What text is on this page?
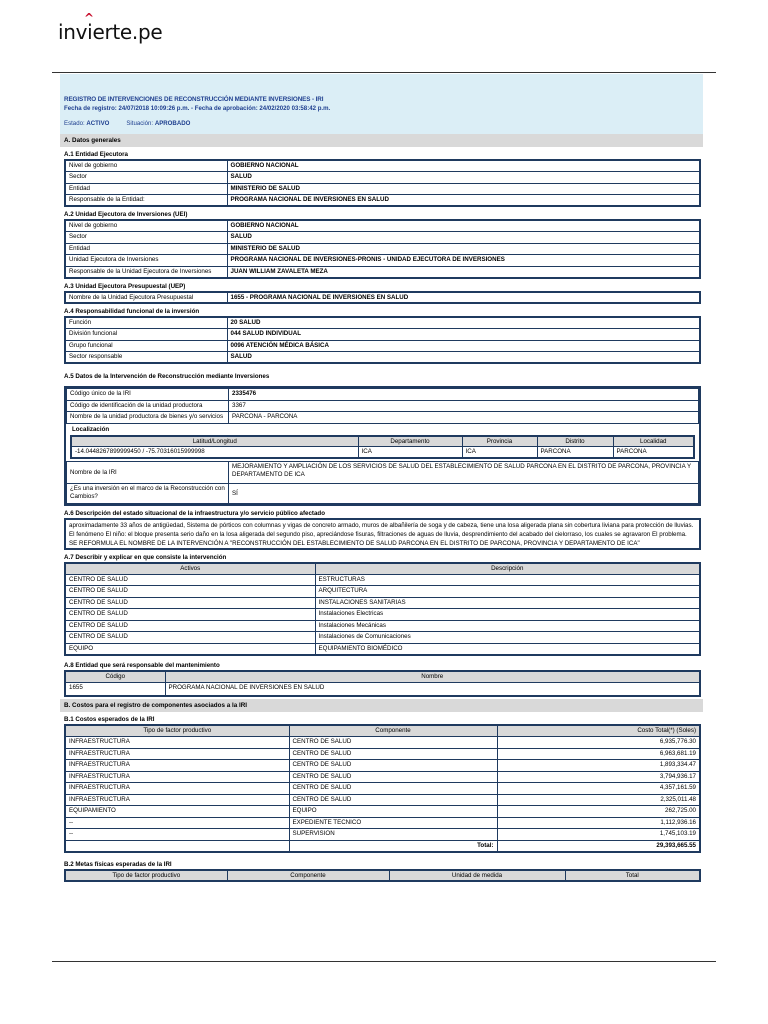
invierte.pe
^
REGISTRO DE INTERVENCIONES DE RECONSTRUCCIÓN MEDIANTE INVERSIONES - IRI
Fecha de registro: 24/07/2018 10:09:26 p.m. - Fecha de aprobación: 24/02/2020 03:58:42 p.m.
Estado: ACTIVO	Situación: APROBADO
A. Datos generales
A.1 Entidad Ejecutora
Nivel de gobierno	GOBIERNO NACIONAL
Sector	SALUD
Entidad	MINISTERIO DE SALUD
Responsable de la Entidad:	PROGRAMA NACIONAL DE INVERSIONES EN SALUD
A.2 Unidad Ejecutora de Inversiones (UEI)
Nivel de gobierno	GOBIERNO NACIONAL
Sector	SALUD
Entidad	MINISTERIO DE SALUD
Unidad Ejecutora de Inversiones	PROGRAMA NACIONAL DE INVERSIONES-PRONIS - UNIDAD EJECUTORA DE INVERSIONES
Responsable de la Unidad Ejecutora de Inversiones	JUAN WILLIAM ZAVALETA MEZA
A.3 Unidad Ejecutora Presupuestal (UEP)
Nombre de la Unidad Ejecutora Presupuestal	1655 - PROGRAMA NACIONAL DE INVERSIONES EN SALUD
A.4 Responsabilidad funcional de la inversión
Función	20 SALUD
División funcional	044 SALUD INDIVIDUAL
Grupo funcional	0096 ATENCIÓN MÉDICA BÁSICA
Sector responsable	SALUD
A.5 Datos de la Intervención de Reconstrucción mediante Inversiones
Código único de la IRI	2335476
Código de identificación de la unidad productora	3367
Nombre de la unidad productora de bienes y/o servicios	PARCONA - PARCONA
Localización
Latitud/Longitud	Departamento	Provincia	Distrito	Localidad
-14.0448267899999450 / -75.70316015999998	ICA	ICA	PARCONA	PARCONA
Nombre de la IRI	MEJORAMIENTO Y AMPLIACIÓN DE LOS SERVICIOS DE SALUD DEL ESTABLECIMIENTO DE SALUD PARCONA EN EL DISTRITO DE PARCONA, PROVINCIA Y DEPARTAMENTO DE ICA
¿Es una inversión en el marco de la Reconstrucción con Cambios?	SÍ
A.6 Descripción del estado situacional de la infraestructura y/o servicio público afectado
aproximadamente 33 años de antigüedad, Sistema de pórticos con columnas y vigas de concreto armado, muros de albañilería de soga y de cabeza, tiene una losa aligerada plana sin cobertura liviana para protección de lluvias. El fenómeno El niño: el bloque presenta serio daño en la losa aligerada del segundo piso, apreciándose fisuras, filtraciones de aguas de lluvia, desprendimiento del acabado del cielorraso, los cuales se agravaron El problema. SE REFORMULA EL NOMBRE DE LA INTERVENCIÓN A "RECONSTRUCCIÓN DEL ESTABLECIMIENTO DE SALUD PARCONA EN EL DISTRITO DE PARCONA, PROVINCIA Y DEPARTAMENTO DE ICA"
A.7 Describir y explicar en que consiste la intervención
Activos	Descripción
CENTRO DE SALUD	ESTRUCTURAS
CENTRO DE SALUD	ARQUITECTURA
CENTRO DE SALUD	INSTALACIONES SANITARIAS
CENTRO DE SALUD	Instalaciones Electricas
CENTRO DE SALUD	Instalaciones Mecánicas
CENTRO DE SALUD	Instalaciones de Comunicaciones
EQUIPO	EQUIPAMIENTO BIOMÉDICO
A.8 Entidad que será responsable del mantenimiento
Código	Nombre
1655	PROGRAMA NACIONAL DE INVERSIONES EN SALUD
B. Costos para el registro de componentes asociados a la IRI
B.1 Costos esperados de la IRI
Tipo de factor productivo	Componente	Costo Total(*) (Soles)
INFRAESTRUCTURA	CENTRO DE SALUD	6,935,776.30
INFRAESTRUCTURA	CENTRO DE SALUD	6,963,681.19
INFRAESTRUCTURA	CENTRO DE SALUD	1,893,334.47
INFRAESTRUCTURA	CENTRO DE SALUD	3,794,936.17
INFRAESTRUCTURA	CENTRO DE SALUD	4,357,161.59
INFRAESTRUCTURA	CENTRO DE SALUD	2,325,011.48
EQUIPAMIENTO	EQUIPO	262,725.00
--	EXPEDIENTE TECNICO	1,112,936.16
--	SUPERVISION	1,745,103.19
	Total:	29,393,665.55
B.2 Metas físicas esperadas de la IRI
Tipo de factor productivo	Componente	Unidad de medida	Total
